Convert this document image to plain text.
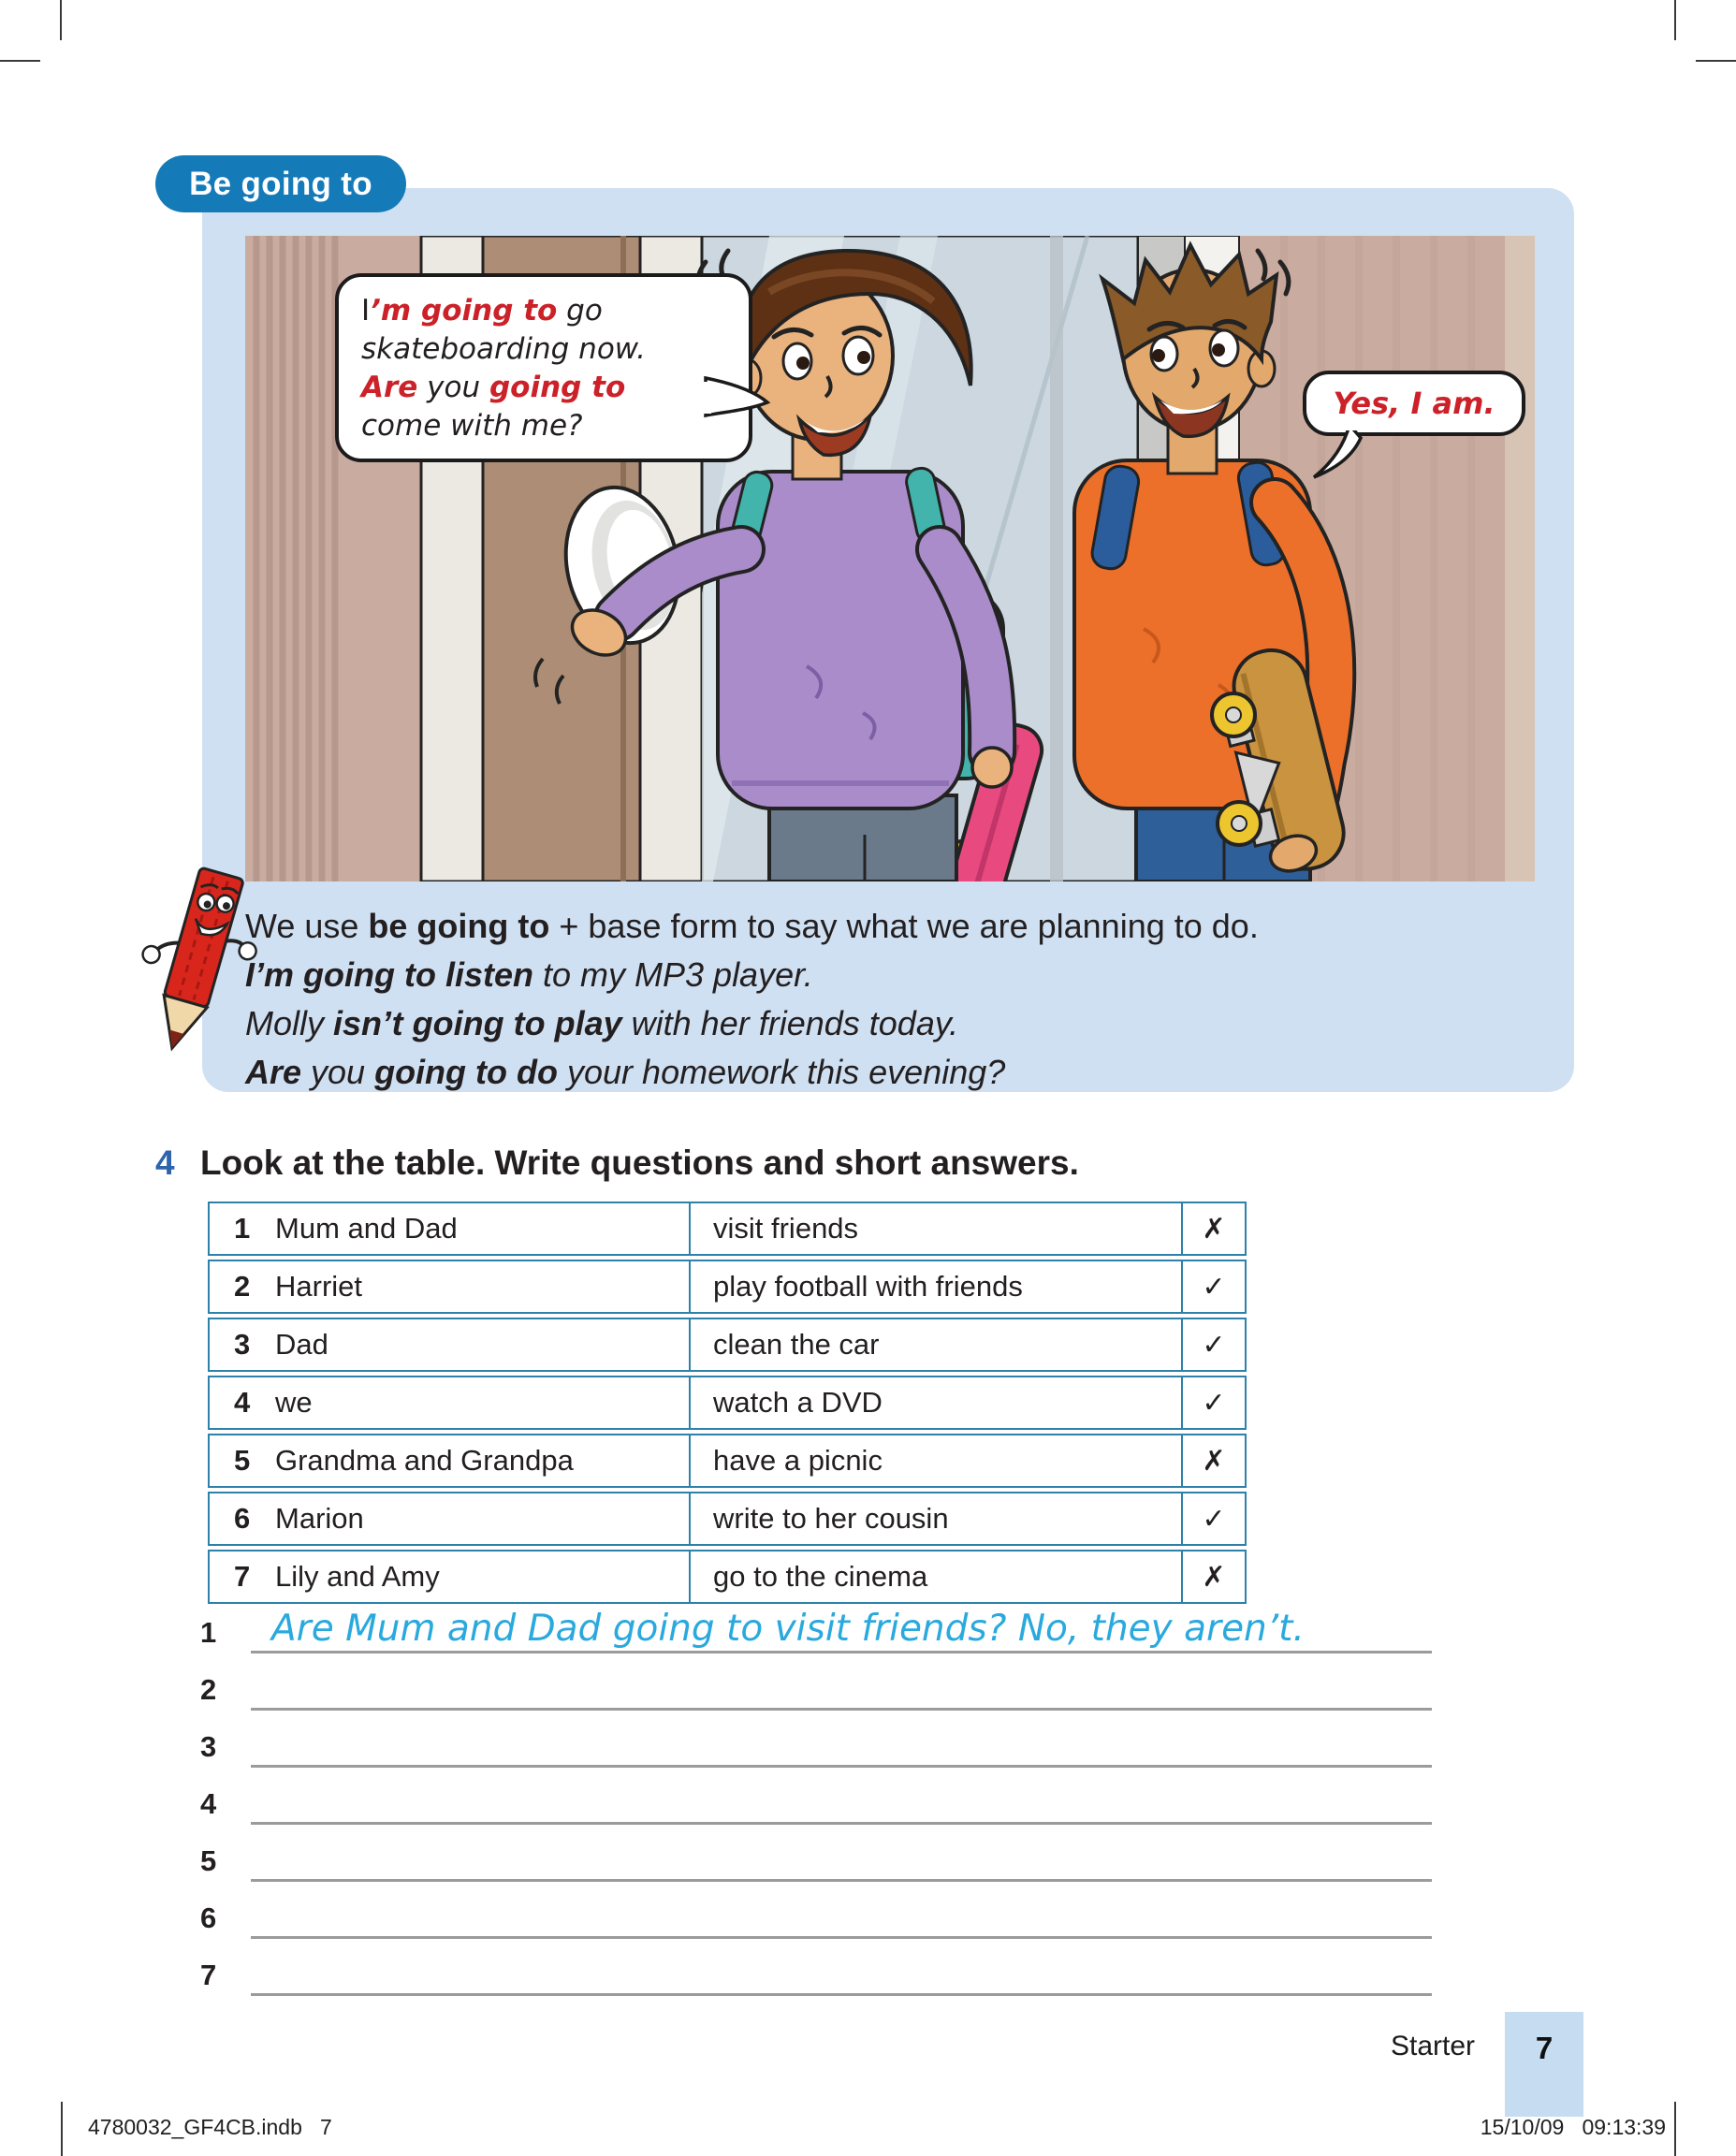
Be going to
I’m going to go
skateboarding now.
Are you going to
come with me?
Yes, I am.
We use be going to + base form to say what we are planning to do.
I’m going to listen to my MP3 player.
Molly isn’t going to play with her friends today.
Are you going to do your homework this evening?
4 Look at the table. Write questions and short answers.
1 Mum and Dad	visit friends	✗
2 Harriet	play football with friends	✓
3 Dad	clean the car	✓
4 we	watch a DVD	✓
5 Grandma and Grandpa	have a picnic	✗
6 Marion	write to her cousin	✓
7 Lily and Amy	go to the cinema	✗
1	Are Mum and Dad going to visit friends? No, they aren’t.
2
3
4
5
6
7
Starter	7
4780032_GF4CB.indb   7	15/10/09   09:13:39
